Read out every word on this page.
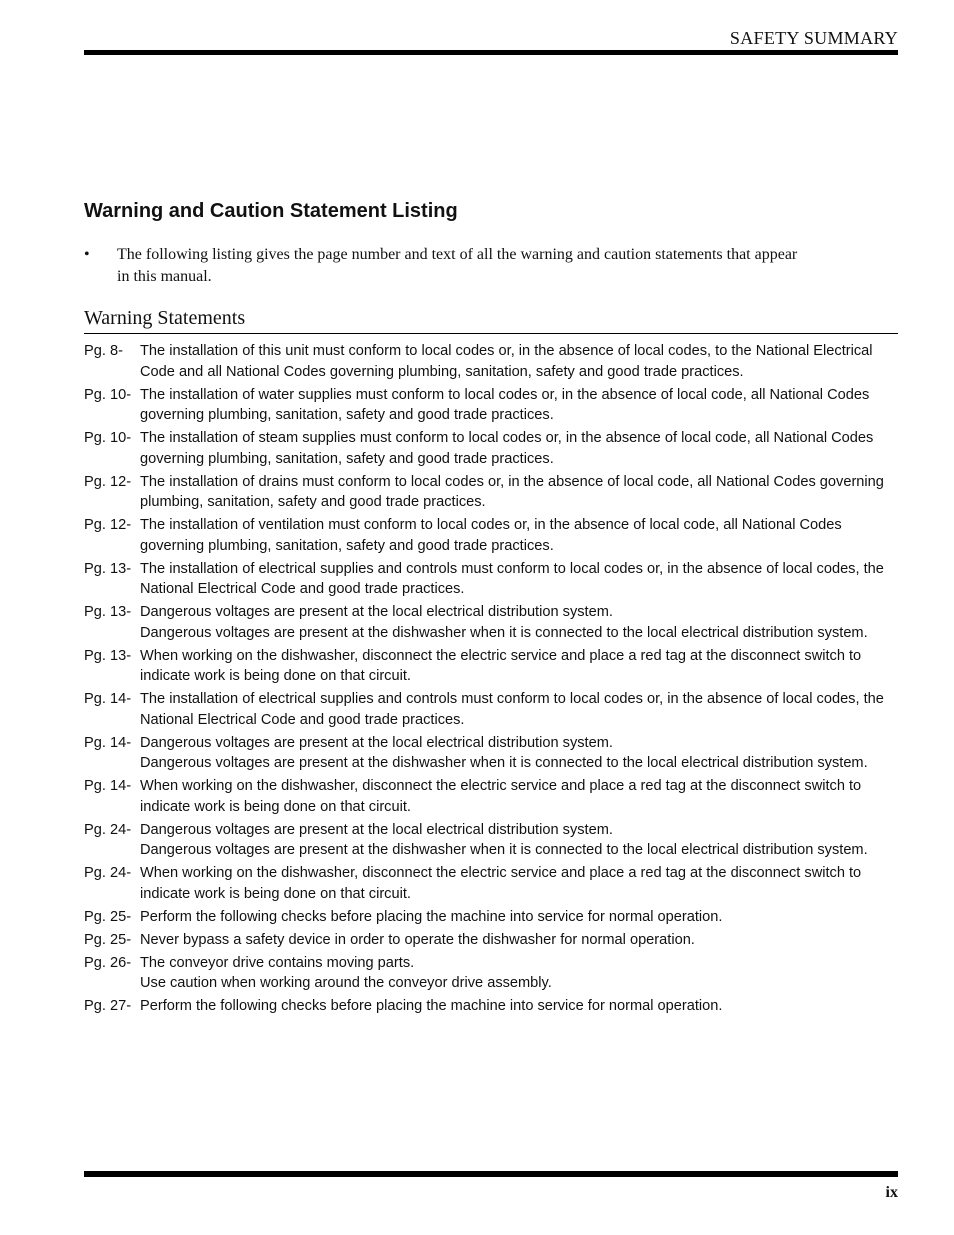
SAFETY SUMMARY
Warning and Caution Statement Listing
• The following listing gives the page number and text of all the warning and caution statements that appear in this manual.
Warning Statements
Pg. 8-	The installation of this unit must conform to local codes or, in the absence of local codes, to the National Electrical Code and all National Codes governing plumbing, sanitation, safety and good trade practices.
Pg. 10- The installation of water supplies must conform to local codes or, in the absence of local code, all National Codes governing plumbing, sanitation, safety and good trade practices.
Pg. 10- The installation of steam supplies must conform to local codes or, in the absence of local code, all National Codes governing plumbing, sanitation, safety and good trade practices.
Pg. 12- The installation of drains must conform to local codes or, in the absence of local code, all National Codes governing plumbing, sanitation, safety and good trade practices.
Pg. 12- The installation of ventilation must conform to local codes or, in the absence of local code, all National Codes governing plumbing, sanitation, safety and good trade practices.
Pg. 13- The installation of electrical supplies and controls must conform to local codes or, in the absence of local codes, the National Electrical Code and good trade practices.
Pg. 13- Dangerous voltages are present at the local electrical distribution system.
Dangerous voltages are present at the dishwasher when it is connected to the local electrical distribution system.
Pg. 13- When working on the dishwasher, disconnect the electric service and place a red tag at the disconnect switch to indicate work is being done on that circuit.
Pg. 14- The installation of electrical supplies and controls must conform to local codes or, in the absence of local codes, the National Electrical Code and good trade practices.
Pg. 14- Dangerous voltages are present at the local electrical distribution system.
Dangerous voltages are present at the dishwasher when it is connected to the local electrical distribution system.
Pg. 14- When working on the dishwasher, disconnect the electric service and place a red tag at the disconnect switch to indicate work is being done on that circuit.
Pg. 24- Dangerous voltages are present at the local electrical distribution system.
Dangerous voltages are present at the dishwasher when it is connected to the local electrical distribution system.
Pg. 24- When working on the dishwasher, disconnect the electric service and place a red tag at the disconnect switch to indicate work is being done on that circuit.
Pg. 25- Perform the following checks before placing the machine into service for normal operation.
Pg. 25- Never bypass a safety device in order to operate the dishwasher for normal operation.
Pg. 26- The conveyor drive contains moving parts.
Use caution when working around the conveyor drive assembly.
Pg. 27- Perform the following checks before placing the machine into service for normal operation.
ix
